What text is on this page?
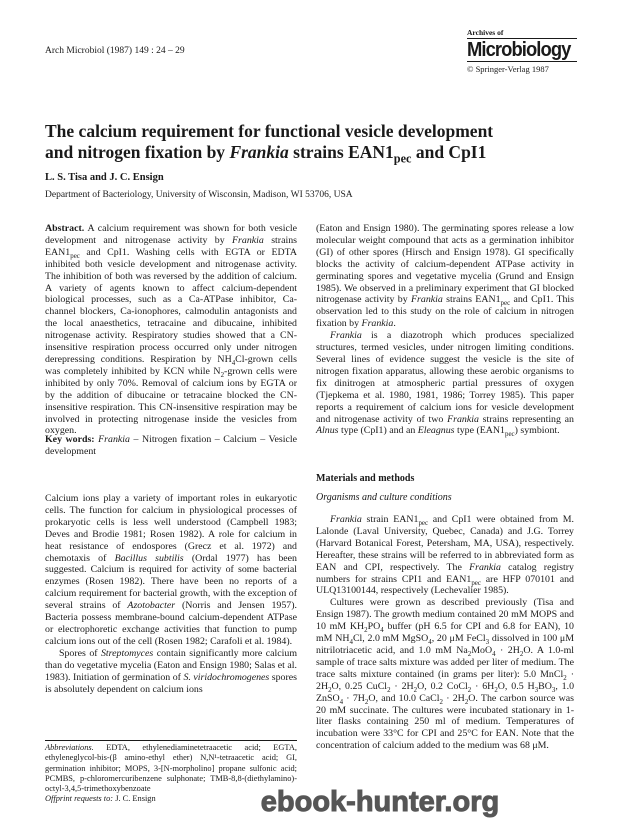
Arch Microbiol (1987) 149 : 24 – 29
Archives of
Microbiology
© Springer-Verlag 1987
The calcium requirement for functional vesicle development
and nitrogen fixation by Frankia strains $EAN1_{pec}$ and CpI1
L. S. Tisa and J. C. Ensign
Department of Bacteriology, University of Wisconsin, Madison, WI 53706, USA

Abstract. A calcium requirement was shown for both vesicle development and nitrogenase activity by Frankia strains $EAN1_{pec}$ and CpI1. Washing cells with EGTA or EDTA inhibited both vesicle development and nitrogenase activity. The inhibition of both was reversed by the addition of calcium. A variety of agents known to affect calcium-dependent biological processes, such as a Ca-ATPase inhibitor, Ca-channel blockers, Ca-ionophores, calmodulin antagonists and the local anaesthetics, tetracaine and dibucaine, inhibited nitrogenase activity. Respiratory studies showed that a CN-insensitive respiration process occurred only under nitrogen derepressing conditions. Respiration by $NH_4Cl$-grown cells was completely inhibited by KCN while $N_2$-grown cells were inhibited by only 70%. Removal of calcium ions by EGTA or by the addition of dibucaine or tetracaine blocked the CN-insensitive respiration. This CN-insensitive respiration may be involved in protecting nitrogenase inside the vesicles from oxygen.

Key words: Frankia – Nitrogen fixation – Calcium – Vesicle development

Calcium ions play a variety of important roles in eukaryotic cells. The function for calcium in physiological processes of prokaryotic cells is less well understood (Campbell 1983; Deves and Brodie 1981; Rosen 1982). A role for calcium in heat resistance of endospores (Grecz et al. 1972) and chemotaxis of Bacillus subtilis (Ordal 1977) has been suggested. Calcium is required for activity of some bacterial enzymes (Rosen 1982). There have been no reports of a calcium requirement for bacterial growth, with the exception of several strains of Azotobacter (Norris and Jensen 1957). Bacteria possess membrane-bound calcium-dependent ATPase or electrophoretic exchange activities that function to pump calcium ions out of the cell (Rosen 1982; Carafoli et al. 1984).

Spores of Streptomyces contain significantly more calcium than do vegetative mycelia (Eaton and Ensign 1980; Salas et al. 1983). Initiation of germination of S. viridochromogenes spores is absolutely dependent on calcium ions

Abbreviations. EDTA, ethylenediaminetetraacetic acid; EGTA, ethyleneglycol-bis-(β amino-ethyl ether) N,N¹-tetraacetic acid; GI, germination inhibitor; MOPS, 3-[N-morpholino] propane sulfonic acid; PCMBS, p-chloromercuribenzene sulphonate; TMB-8,8-(diethylamino)-octyl-3,4,5-trimethoxybenzoate

Offprint requests to: J. C. Ensign

(Eaton and Ensign 1980). The germinating spores release a low molecular weight compound that acts as a germination inhibitor (GI) of other spores (Hirsch and Ensign 1978). GI specifically blocks the activity of calcium-dependent ATPase activity in germinating spores and vegetative mycelia (Grund and Ensign 1985). We observed in a preliminary experiment that GI blocked nitrogenase activity by Frankia strains $EAN1_{pec}$ and CpI1. This observation led to this study on the role of calcium in nitrogen fixation by Frankia.

Frankia is a diazotroph which produces specialized structures, termed vesicles, under nitrogen limiting conditions. Several lines of evidence suggest the vesicle is the site of nitrogen fixation apparatus, allowing these aerobic organisms to fix dinitrogen at atmospheric partial pressures of oxygen (Tjepkema et al. 1980, 1981, 1986; Torrey 1985). This paper reports a requirement of calcium ions for vesicle development and nitrogenase activity of two Frankia strains representing an Alnus type (CpI1) and an Eleagnus type $(EAN1_{pec})$ symbiont.

Materials and methods
Organisms and culture conditions

Frankia strain $EAN1_{pec}$ and CpI1 were obtained from M. Lalonde (Laval University, Quebec, Canada) and J.G. Torrey (Harvard Botanical Forest, Petersham, MA, USA), respectively. Hereafter, these strains will be referred to in abbreviated form as EAN and CPI, respectively. The Frankia catalog registry numbers for strains CPI1 and $EAN1_{pec}$ are HFP 070101 and ULQ13100144, respectively (Lechevalier 1985).

Cultures were grown as described previously (Tisa and Ensign 1987). The growth medium contained 20 mM MOPS and 10 mM $KH_2PO_4$ buffer (pH 6.5 for CPI and 6.8 for EAN), 10 mM $NH_4Cl$, 2.0 mM MgSO$_4$, 20 μM FeCl$_3$ dissolved in 100 μM nitrilotriacetic acid, and 1.0 mM $Na_2MoO_4 \cdot 2H_2O$. A 1.0-ml sample of trace salts mixture was added per liter of medium. The trace salts mixture contained (in grams per liter): 5.0 MnCl$_2$ · $2H_2O$, 0.25 CuCl$_2$ · $2H_2O$, 0.2 CoCl$_2$ · $6H_2O$, 0.5 $H_3BO_3$, 1.0 ZnSO$_4$ · $7H_2O$, and 10.0 CaCl$_2$ · $2H_2O$. The carbon source was 20 mM succinate. The cultures were incubated stationary in 1-liter flasks containing 250 ml of medium. Temperatures of incubation were 33°C for CPI and 25°C for EAN. Note that the concentration of calcium added to the medium was 68 μM.

ebook-hunter.org
